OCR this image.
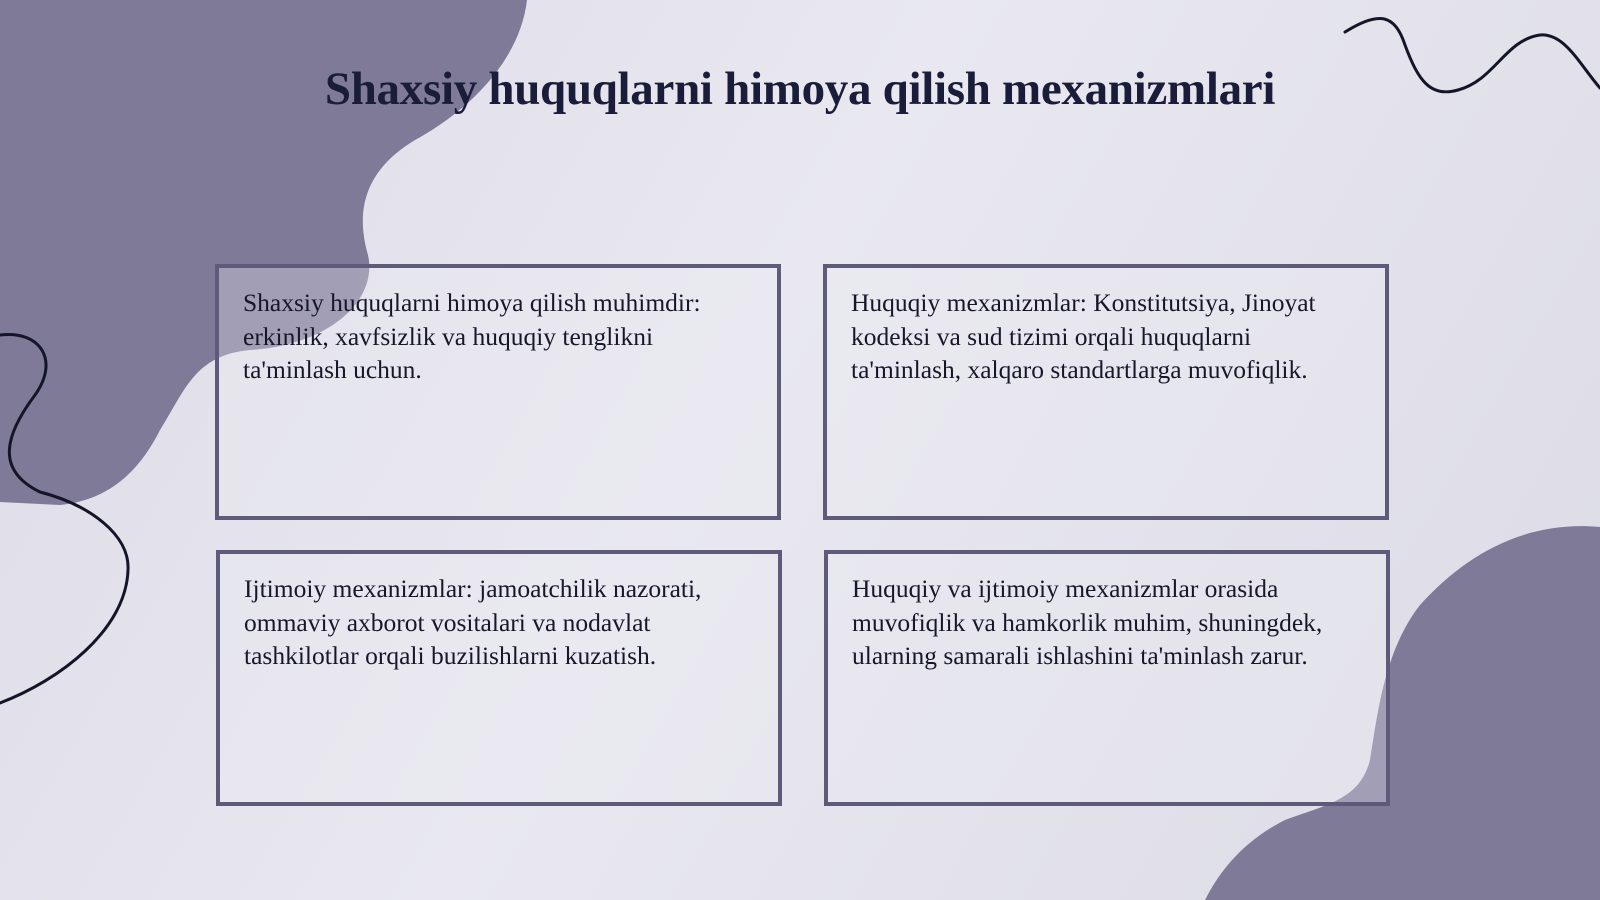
Shaxsiy huquqlarni himoya qilish mexanizmlari

Shaxsiy huquqlarni himoya qilish muhimdir: erkinlik, xavfsizlik va huquqiy tenglikni ta'minlash uchun.

Huquqiy mexanizmlar: Konstitutsiya, Jinoyat kodeksi va sud tizimi orqali huquqlarni ta'minlash, xalqaro standartlarga muvofiqlik.

Ijtimoiy mexanizmlar: jamoatchilik nazorati, ommaviy axborot vositalari va nodavlat tashkilotlar orqali buzilishlarni kuzatish.

Huquqiy va ijtimoiy mexanizmlar orasida muvofiqlik va hamkorlik muhim, shuningdek, ularning samarali ishlashini ta'minlash zarur.
